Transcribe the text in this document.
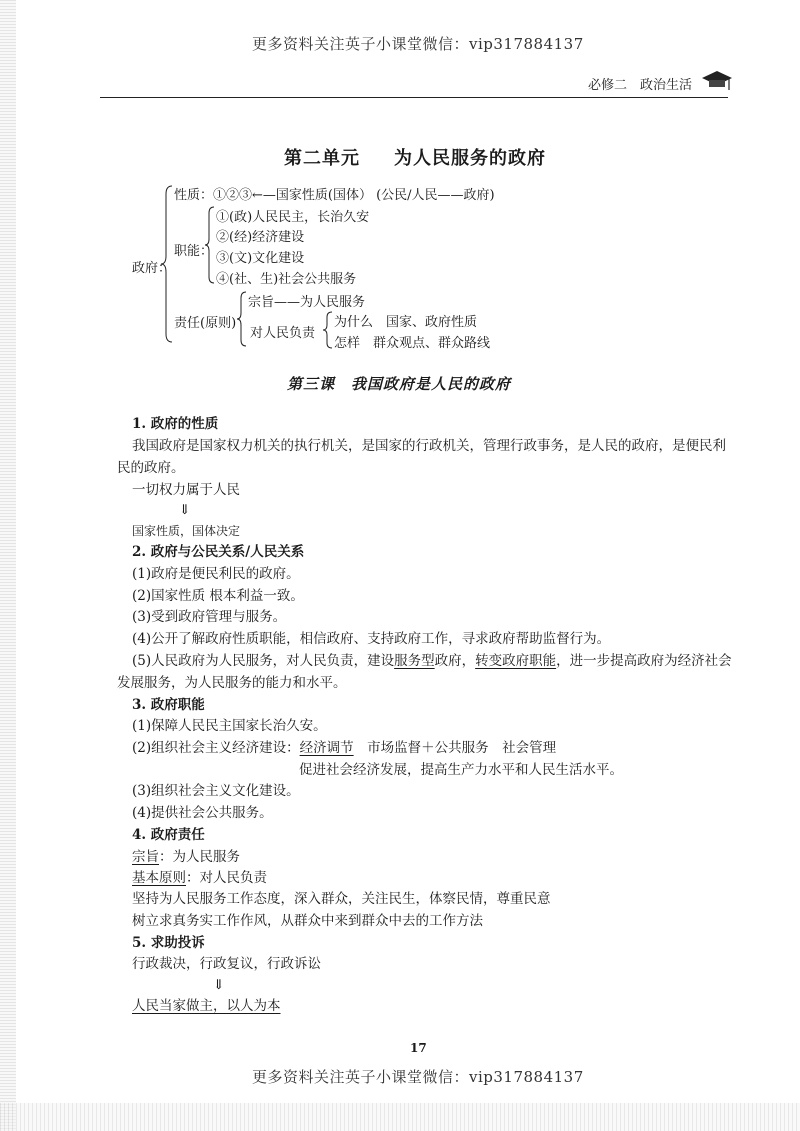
更多资料关注英子小课堂微信：vip317884137
必修二 政治生活
第二单元 为人民服务的政府
政府：
性质：①②③←—国家性质(国体） (公民/人民——政府)
职能：
①(政)人民民主，长治久安
②(经)经济建设
③(文)文化建设
④(社、生)社会公共服务
责任(原则)
宗旨——为人民服务
对人民负责
为什么　国家、政府性质
怎样　群众观点、群众路线
第三课　我国政府是人民的政府
1. 政府的性质
我国政府是国家权力机关的执行机关，是国家的行政机关，管理行政事务，是人民的政府，是便民利
民的政府。
一切权力属于人民
⇓
国家性质，国体决定
2. 政府与公民关系/人民关系
(1)政府是便民利民的政府。
(2)国家性质 根本利益一致。
(3)受到政府管理与服务。
(4)公开了解政府性质职能，相信政府、支持政府工作，寻求政府帮助监督行为。
(5)人民政府为人民服务，对人民负责，建设服务型政府，转变政府职能，进一步提高政府为经济社会
发展服务，为人民服务的能力和水平。
3. 政府职能
(1)保障人民民主国家长治久安。
(2)组织社会主义经济建设：经济调节　市场监督＋公共服务　社会管理
促进社会经济发展，提高生产力水平和人民生活水平。
(3)组织社会主义文化建设。
(4)提供社会公共服务。
4. 政府责任
宗旨：为人民服务
基本原则：对人民负责
坚持为人民服务工作态度，深入群众，关注民生，体察民情，尊重民意
树立求真务实工作作风，从群众中来到群众中去的工作方法
5. 求助投诉
行政裁决，行政复议，行政诉讼
⇓
人民当家做主，以人为本
17
更多资料关注英子小课堂微信：vip317884137
